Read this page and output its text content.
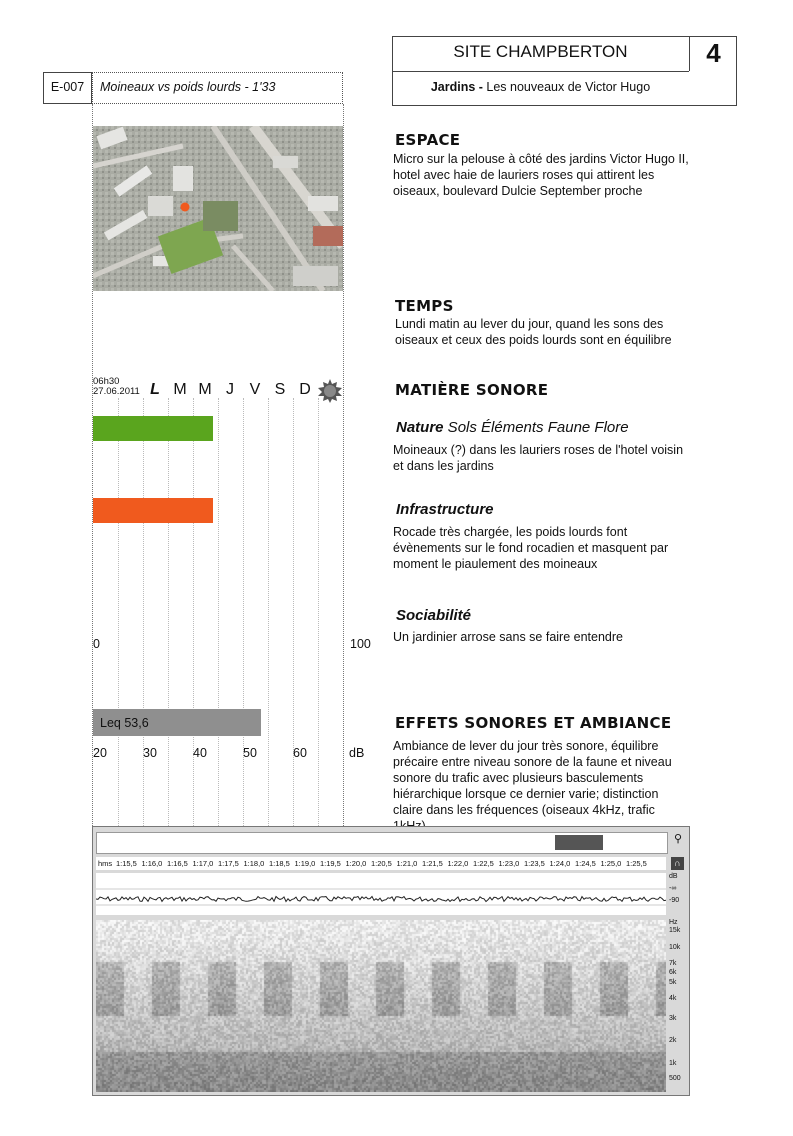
SITE CHAMPBERTON	4
Jardins - Les nouveaux de Victor Hugo
E-007	Moineaux vs poids lourds - 1'33
06h30
27.06.2011 L M M J V S D
0	100
Leq 53,6
20	30	40	50	60	dB
ESPACE
Micro sur la pelouse à côté des jardins Victor Hugo II, hotel avec haie de lauriers roses qui attirent les oiseaux, boulevard Dulcie September proche
TEMPS
Lundi matin au lever du jour, quand les sons des oiseaux et ceux des poids lourds sont en équilibre
MATIÈRE SONORE
Nature Sols Éléments Faune Flore
Moineaux (?) dans les lauriers roses de l'hotel voisin et dans les jardins
Infrastructure
Rocade très chargée, les poids lourds font évènements sur le fond rocadien et masquent par moment le piaulement des moineaux
Sociabilité
Un jardinier arrose sans se faire entendre
EFFETS SONORES ET AMBIANCE
Ambiance de lever du jour très sonore, équilibre précaire entre niveau sonore de la faune et niveau sonore du trafic avec plusieurs basculements hiérarchique lorsque ce dernier varie; distinction claire dans les fréquences (oiseaux 4kHz, trafic
⚲
hms 1:15,5 1:16,0 1:16,5 1:17,0 1:17,5 1:18,0 1:18,5 1:19,0 1:19,5 1:20,0 1:20,5 1:21,0 1:21,5 1:22,0 1:22,5 1:23,0 1:23,5 1:24,0 1:24,5 1:25,0 1:25,5	∩
dB
-∞
-90
Hz
15k
10k
7k
6k
5k
4k
3k
2k
1k
500
